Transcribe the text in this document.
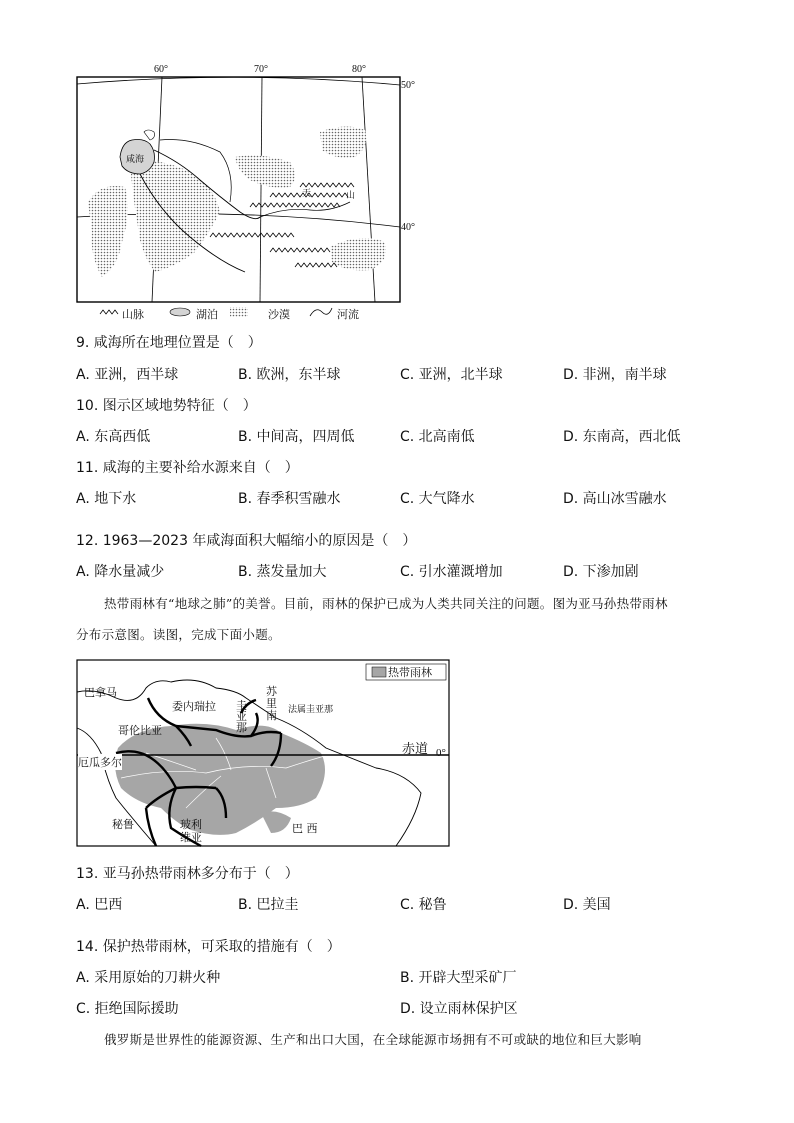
60°	70°	80°
50°
40°
咸海
天	山
山脉	湖泊	沙漠	河流
9. 咸海所在地理位置是（　）
A. 亚洲，西半球	B. 欧洲，东半球	C. 亚洲，北半球	D. 非洲，南半球
10. 图示区域地势特征（　）
A. 东高西低	B. 中间高，四周低	C. 北高南低	D. 东南高，西北低
11. 咸海的主要补给水源来自（　）
A. 地下水	B. 春季积雪融水	C. 大气降水	D. 高山冰雪融水
12. 1963—2023 年咸海面积大幅缩小的原因是（　）
A. 降水量减少	B. 蒸发量加大	C. 引水灌溉增加	D. 下渗加剧
热带雨林有“地球之肺”的美誉。目前，雨林的保护已成为人类共同关注的问题。图为亚马孙热带雨林
分布示意图。读图，完成下面小题。
热带雨林
巴拿马
委内瑞拉
哥伦比亚
圭
亚
那
苏
里
南 法属圭亚那
赤道 0°
厄瓜多尔
秘鲁	玻利
维亚
巴 西
13. 亚马孙热带雨林多分布于（　）
A. 巴西	B. 巴拉圭	C. 秘鲁	D. 美国
14. 保护热带雨林，可采取的措施有（　）
A. 采用原始的刀耕火种	B. 开辟大型采矿厂
C. 拒绝国际援助	D. 设立雨林保护区
俄罗斯是世界性的能源资源、生产和出口大国，在全球能源市场拥有不可或缺的地位和巨大影响
